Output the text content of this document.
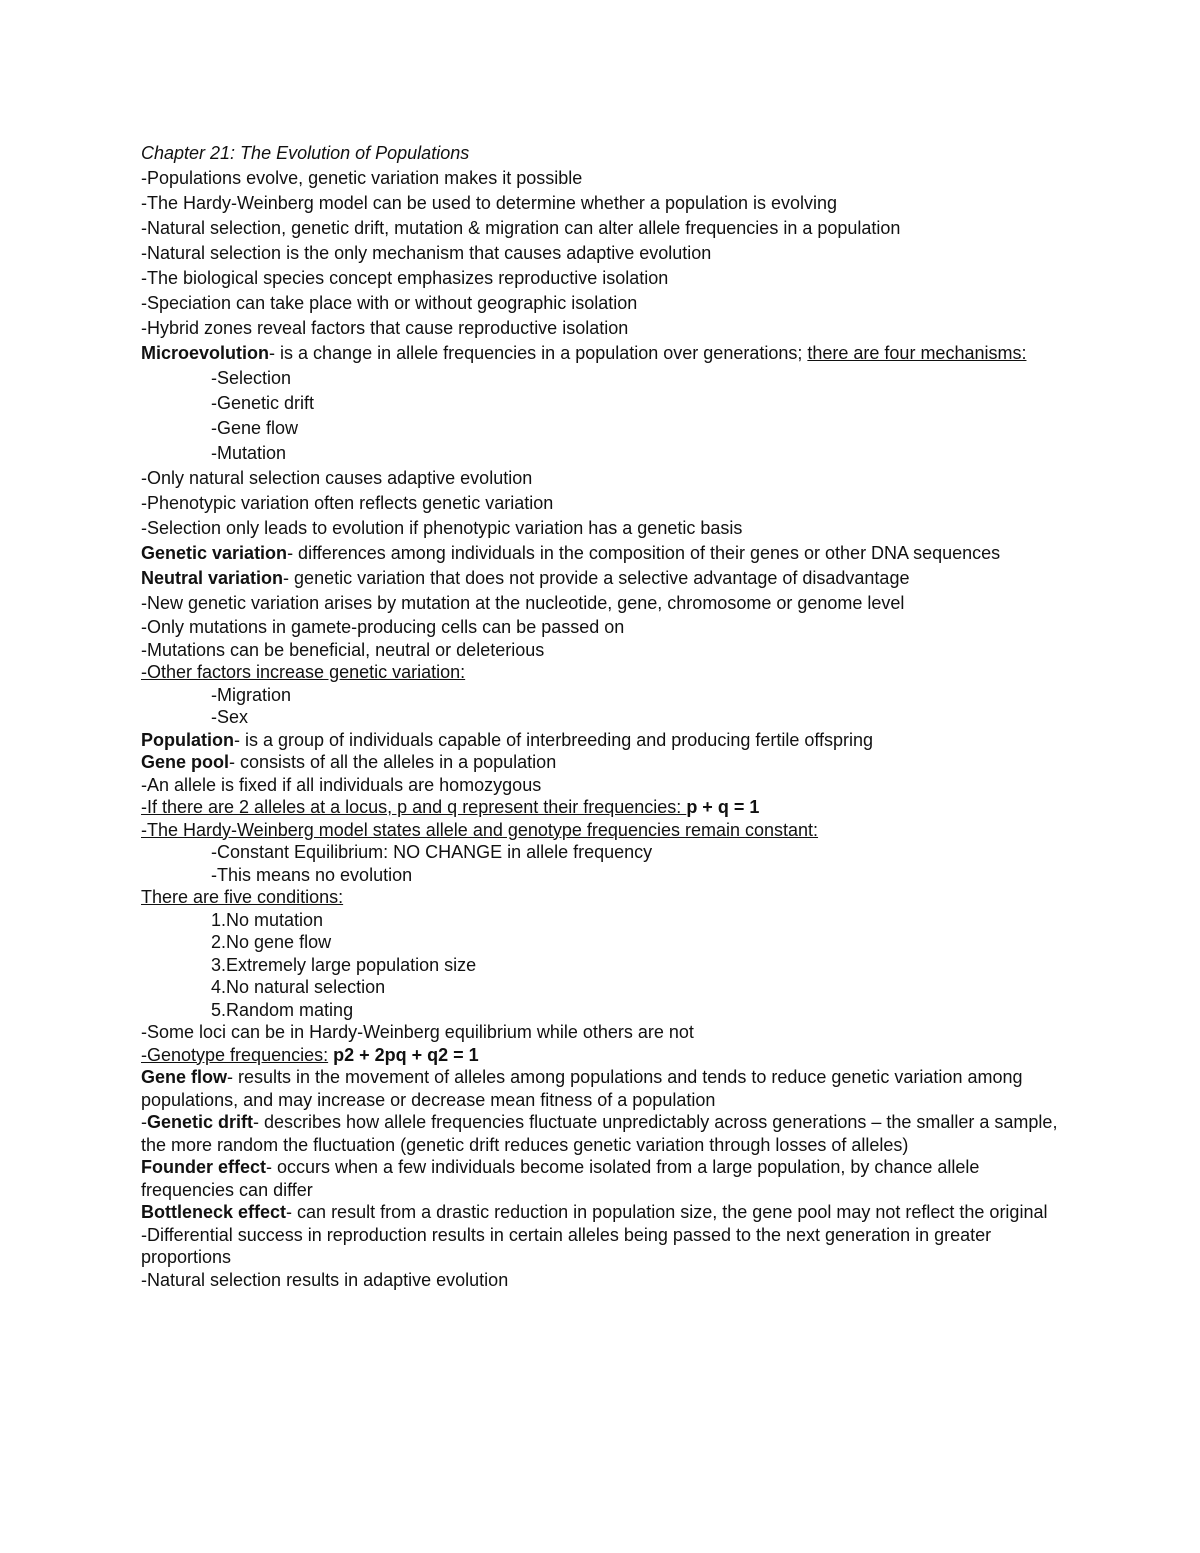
Chapter 21: The Evolution of Populations

-Populations evolve, genetic variation makes it possible

-The Hardy-Weinberg model can be used to determine whether a population is evolving

-Natural selection, genetic drift, mutation & migration can alter allele frequencies in a population

-Natural selection is the only mechanism that causes adaptive evolution

-The biological species concept emphasizes reproductive isolation

-Speciation can take place with or without geographic isolation

-Hybrid zones reveal factors that cause reproductive isolation

Microevolution- is a change in allele frequencies in a population over generations; there are four mechanisms:

-Selection

-Genetic drift

-Gene flow

-Mutation

-Only natural selection causes adaptive evolution

-Phenotypic variation often reflects genetic variation

-Selection only leads to evolution if phenotypic variation has a genetic basis

Genetic variation- differences among individuals in the composition of their genes or other DNA sequences

Neutral variation- genetic variation that does not provide a selective advantage of disadvantage

-New genetic variation arises by mutation at the nucleotide, gene, chromosome or genome level

-Only mutations in gamete-producing cells can be passed on

-Mutations can be beneficial, neutral or deleterious

-Other factors increase genetic variation:

-Migration

-Sex

Population- is a group of individuals capable of interbreeding and producing fertile offspring

Gene pool- consists of all the alleles in a population

-An allele is fixed if all individuals are homozygous

-If there are 2 alleles at a locus, p and q represent their frequencies: p + q = 1

-The Hardy-Weinberg model states allele and genotype frequencies remain constant:

-Constant Equilibrium: NO CHANGE in allele frequency

-This means no evolution

There are five conditions:

1.No mutation

2.No gene flow

3.Extremely large population size

4.No natural selection

5.Random mating

-Some loci can be in Hardy-Weinberg equilibrium while others are not

-Genotype frequencies: p2 + 2pq + q2 = 1

Gene flow- results in the movement of alleles among populations and tends to reduce genetic variation among populations, and may increase or decrease mean fitness of a population

-Genetic drift- describes how allele frequencies fluctuate unpredictably across generations – the smaller a sample, the more random the fluctuation (genetic drift reduces genetic variation through losses of alleles)

Founder effect- occurs when a few individuals become isolated from a large population, by chance allele frequencies can differ

Bottleneck effect- can result from a drastic reduction in population size, the gene pool may not reflect the original

-Differential success in reproduction results in certain alleles being passed to the next generation in greater proportions

-Natural selection results in adaptive evolution
